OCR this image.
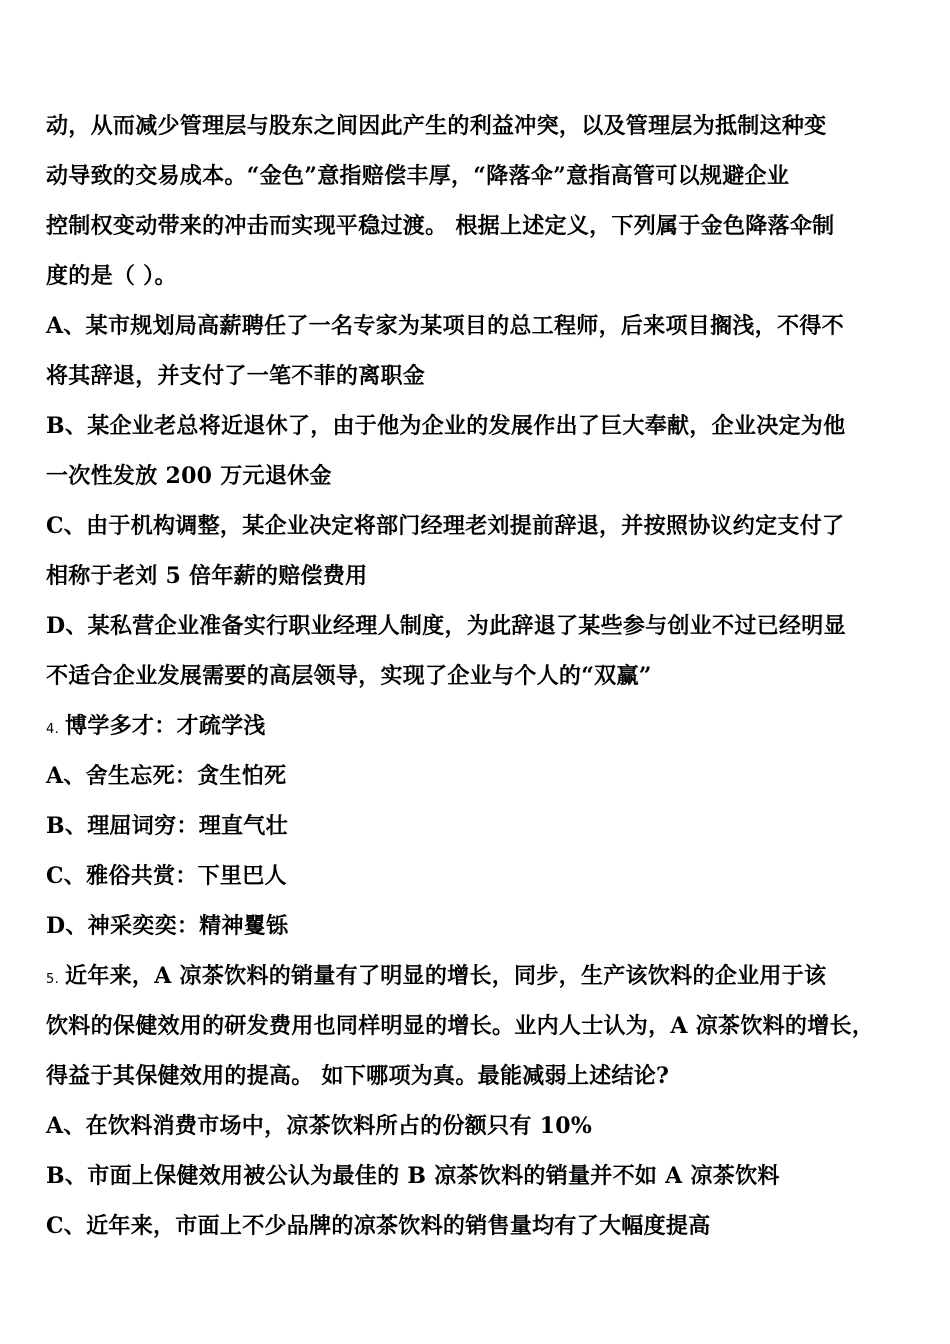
动，从而减少管理层与股东之间因此产生的利益冲突，以及管理层为抵制这种变
动导致的交易成本。“金色”意指赔偿丰厚，“降落伞”意指高管可以规避企业
控制权变动带来的冲击而实现平稳过渡。 根据上述定义，下列属于金色降落伞制
度的是（ ）。
A、某市规划局高薪聘任了一名专家为某项目的总工程师，后来项目搁浅，不得不
将其辞退，并支付了一笔不菲的离职金
B、某企业老总将近退休了，由于他为企业的发展作出了巨大奉献，企业决定为他
一次性发放 200 万元退休金
C、由于机构调整，某企业决定将部门经理老刘提前辞退，并按照协议约定支付了
相称于老刘 5 倍年薪的赔偿费用
D、某私营企业准备实行职业经理人制度，为此辞退了某些参与创业不过已经明显
不适合企业发展需要的高层领导，实现了企业与个人的“双赢”
4. 博学多才：才疏学浅
A、舍生忘死：贪生怕死
B、理屈词穷：理直气壮
C、雅俗共赏：下里巴人
D、神采奕奕：精神矍铄
5. 近年来，A 凉茶饮料的销量有了明显的增长，同步，生产该饮料的企业用于该
饮料的保健效用的研发费用也同样明显的增长。业内人士认为，A 凉茶饮料的增长，
得益于其保健效用的提高。 如下哪项为真。最能减弱上述结论?
A、在饮料消费市场中，凉茶饮料所占的份额只有 10%
B、市面上保健效用被公认为最佳的 B 凉茶饮料的销量并不如 A 凉茶饮料
C、近年来，市面上不少品牌的凉茶饮料的销售量均有了大幅度提高
